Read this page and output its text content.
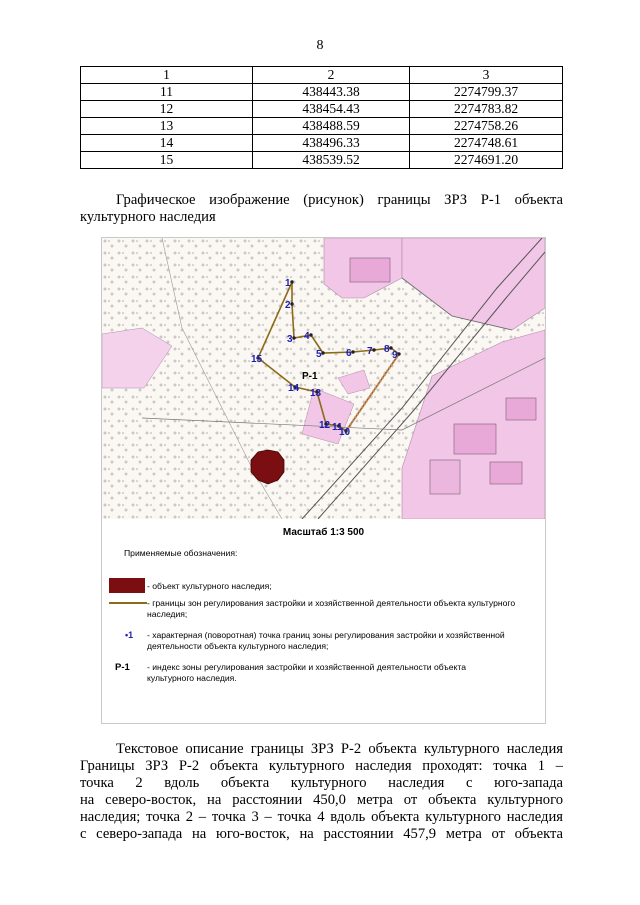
8
1	2	3
11	438443.38	2274799.37
12	438454.43	2274783.82
13	438488.59	2274758.26
14	438496.33	2274748.61
15	438539.52	2274691.20
Графическое изображение (рисунок) границы ЗРЗ Р-1 объекта
культурного наследия
Р-1
1
2
3 4
5 6 7 8
9
10
11
12
13
14
15
Масштаб 1:3 500
Применяемые обозначения:
- объект культурного наследия;
- границы зон регулирования застройки и хозяйственной деятельности объекта культурного
наследия;
•1	- характерная (поворотная) точка границ зоны регулирования застройки и хозяйственной
деятельности объекта культурного наследия;
Р-1	- индекс зоны регулирования застройки и хозяйственной деятельности объекта
культурного наследия.
Текстовое описание границы ЗРЗ Р-2 объекта культурного наследия
Границы ЗРЗ Р-2 объекта культурного наследия проходят: точка 1 –
точка 2 вдоль объекта культурного наследия с юго-запада
на северо-восток, на расстоянии 450,0 метра от объекта культурного
наследия; точка 2 – точка 3 – точка 4 вдоль объекта культурного наследия
с северо-запада на юго-восток, на расстоянии 457,9 метра от объекта
